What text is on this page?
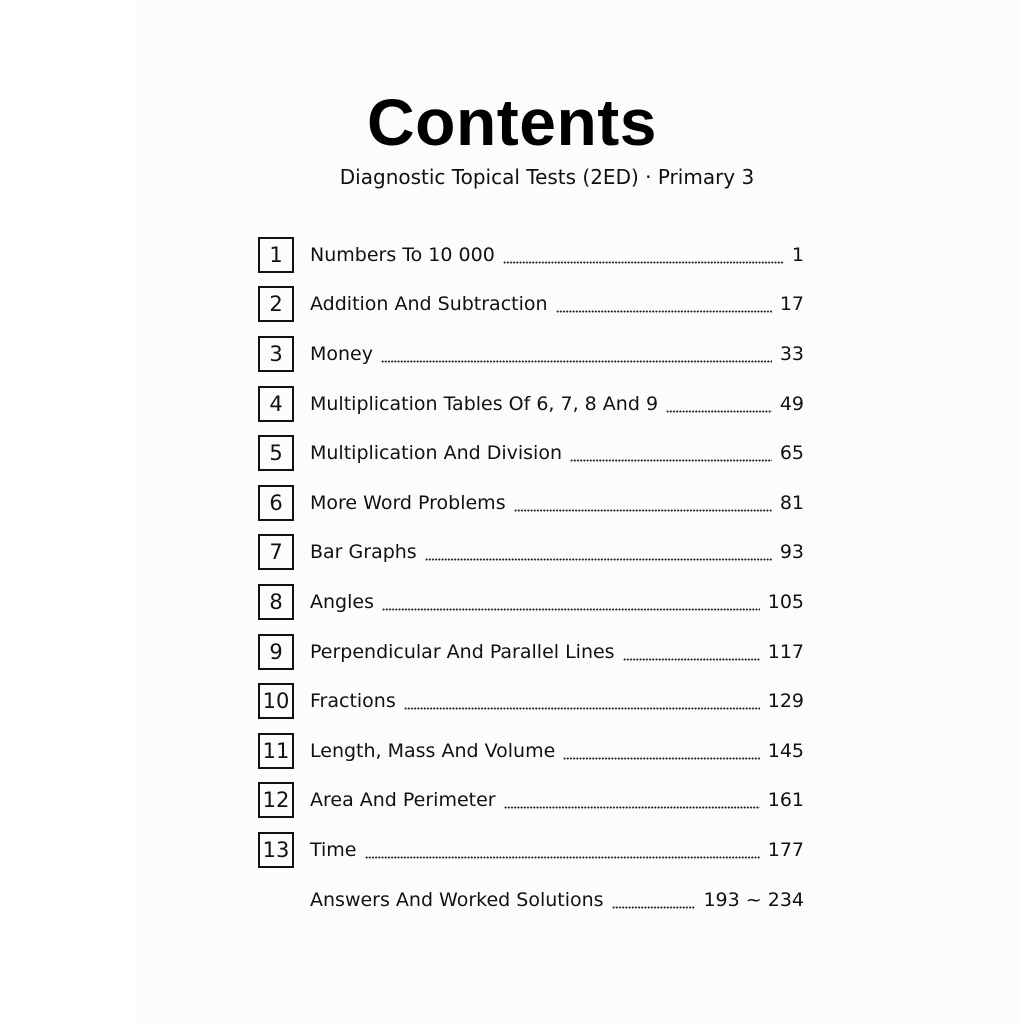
Contents
Diagnostic Topical Tests (2ED) · Primary 3
1	Numbers To 10 000	1
2	Addition And Subtraction	17
3	Money	33
4	Multiplication Tables Of 6, 7, 8 And 9	49
5	Multiplication And Division	65
6	More Word Problems	81
7	Bar Graphs	93
8	Angles	105
9	Perpendicular And Parallel Lines	117
10 Fractions	129
11 Length, Mass And Volume	145
12 Area And Perimeter	161
13 Time	177
Answers And Worked Solutions	193 ~ 234
